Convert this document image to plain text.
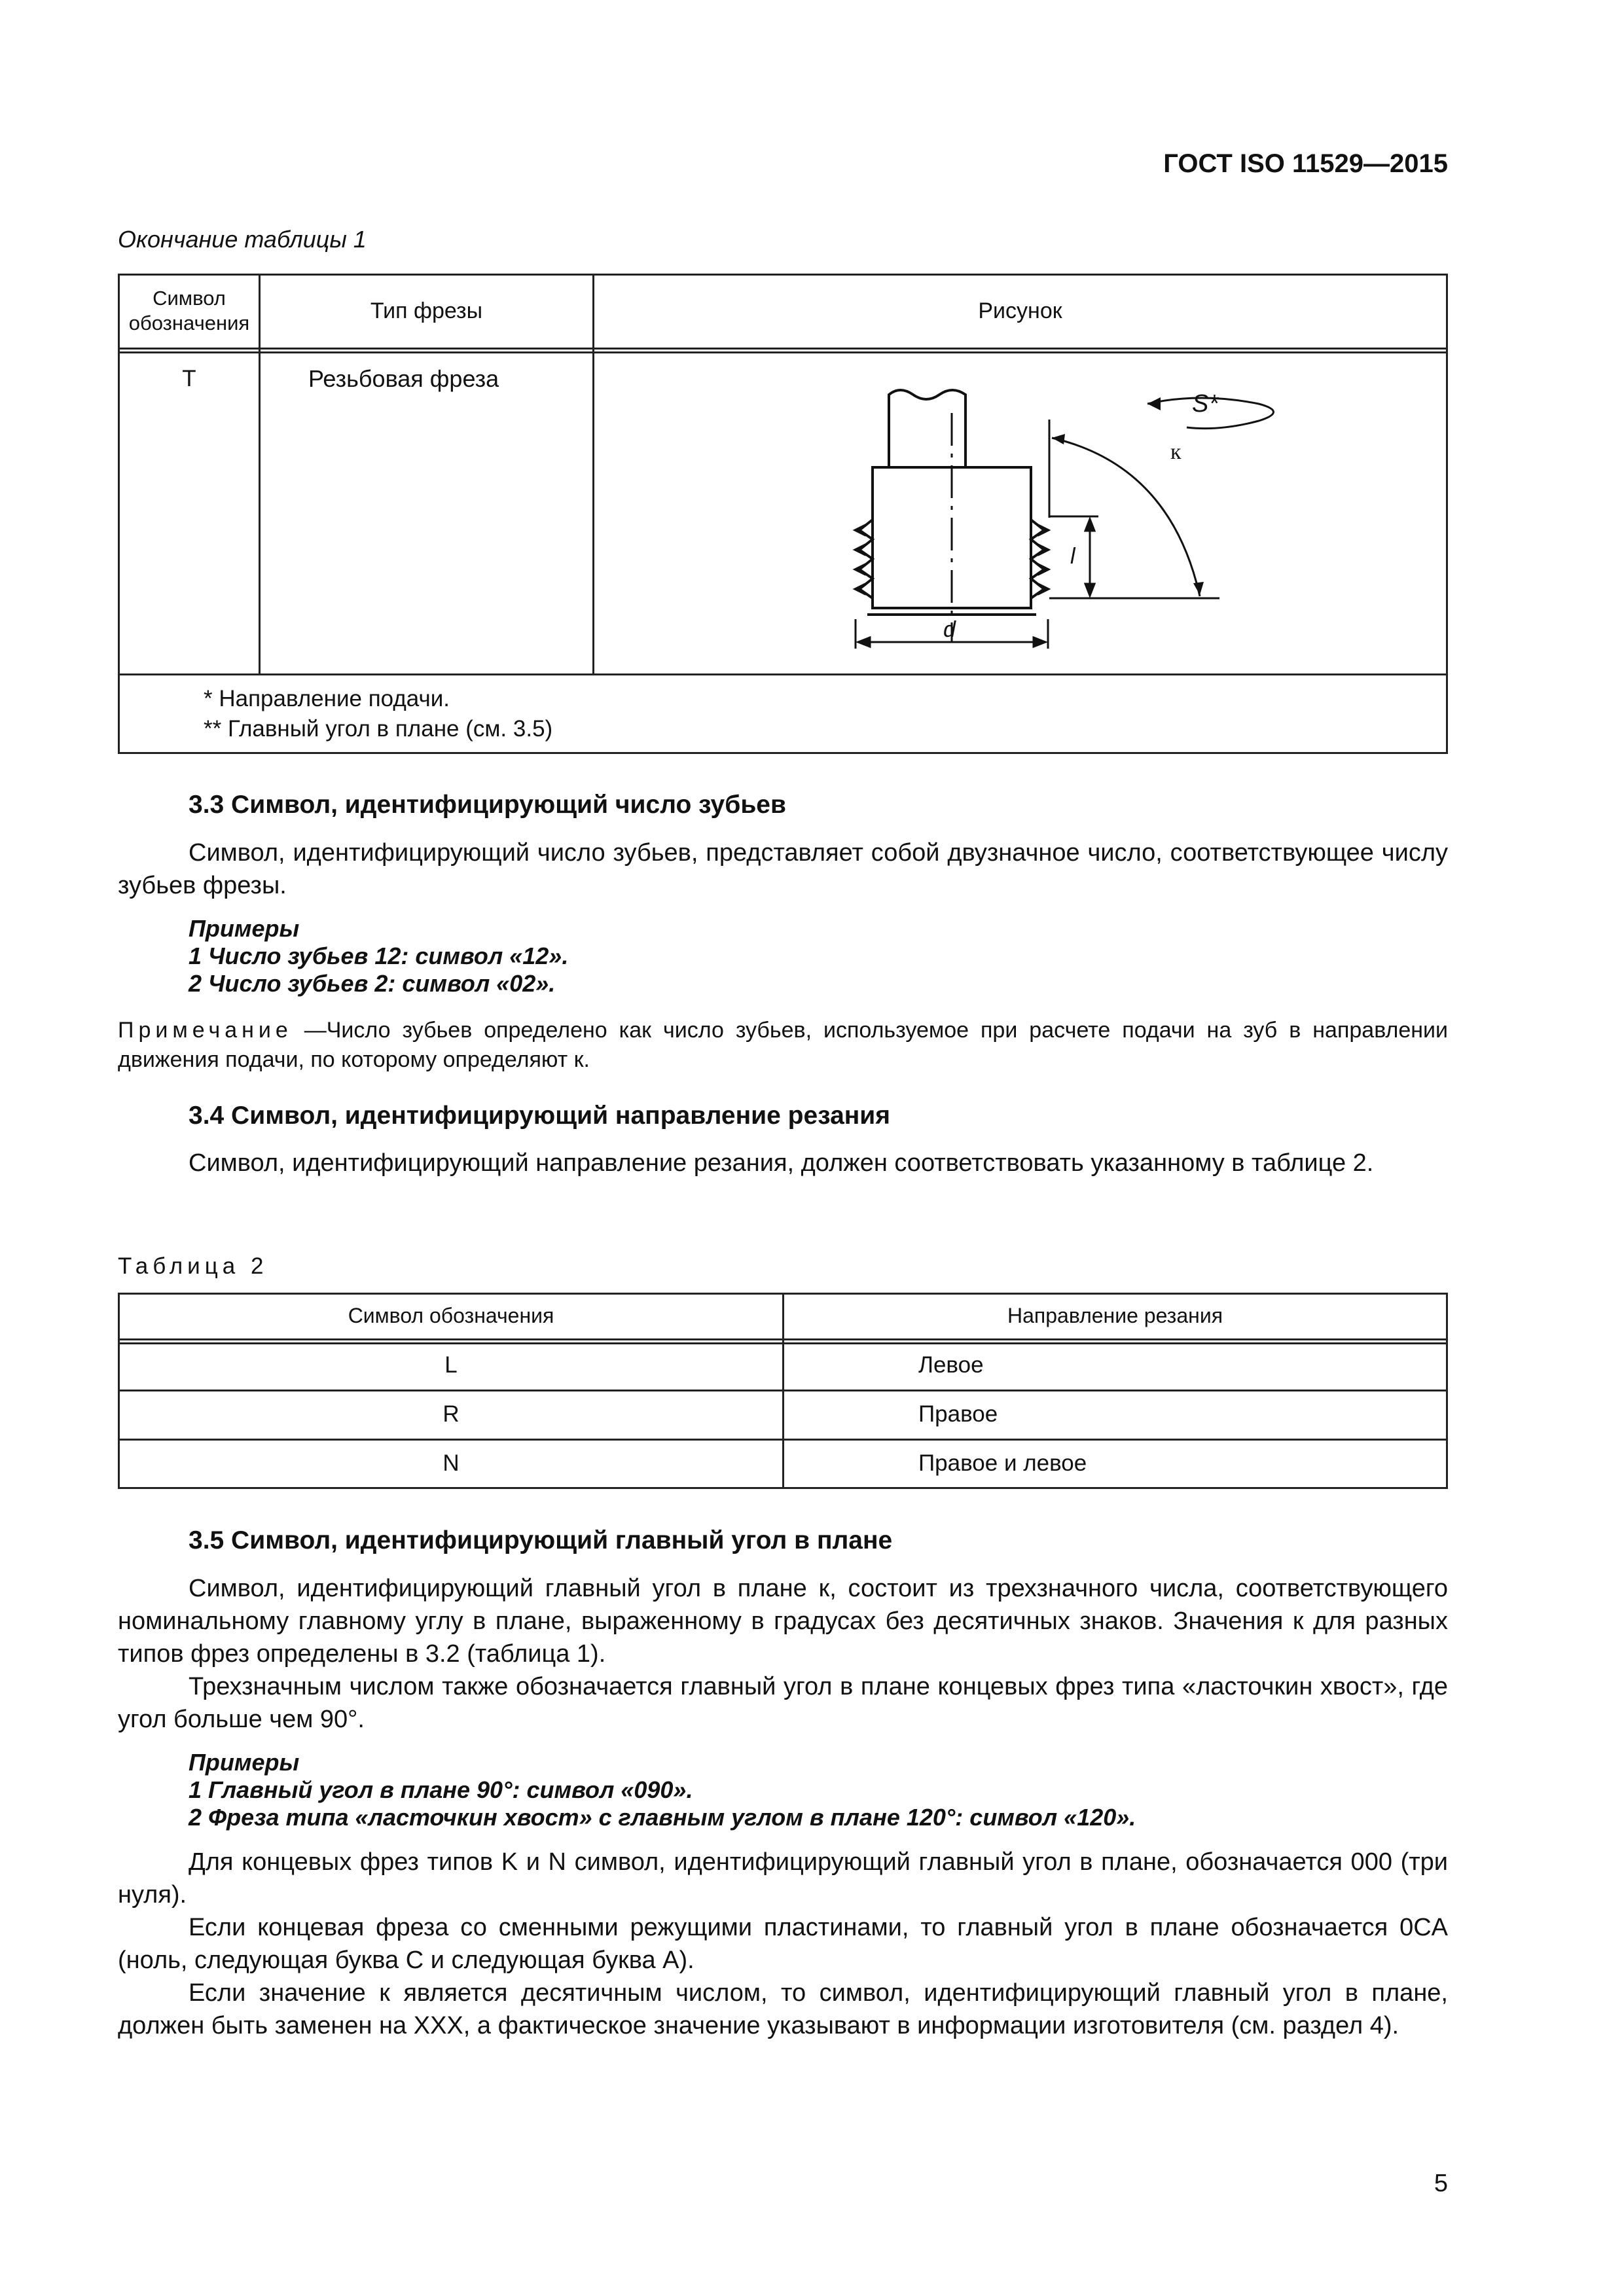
ГОСТ ISO 11529—2015
Окончание таблицы 1
Символ
обозначения	Тип фрезы	Рисунок
T	Резьбовая фреза
S*
к
l
d
* Направление подачи.
** Главный угол в плане (см. 3.5)
3.3 Символ, идентифицирующий число зубьев
Символ, идентифицирующий число зубьев, представляет собой двузначное число, соответствующее числу зубьев фрезы.
Примеры
1 Число зубьев 12: символ «12».
2 Число зубьев 2: символ «02».
Примечание —Число зубьев определено как число зубьев, используемое при расчете подачи на зуб в направлении движения подачи, по которому определяют к.
3.4 Символ, идентифицирующий направление резания
Символ, идентифицирующий направление резания, должен соответствовать указанному в таблице 2.
Таблица 2
Символ обозначения	Направление резания
L	Левое
R	Правое
N	Правое и левое
3.5 Символ, идентифицирующий главный угол в плане
Символ, идентифицирующий главный угол в плане к, состоит из трехзначного числа, соответствующего номинальному главному углу в плане, выраженному в градусах без десятичных знаков. Значения к для разных типов фрез определены в 3.2 (таблица 1).
Трехзначным числом также обозначается главный угол в плане концевых фрез типа «ласточкин хвост», где угол больше чем 90°.
Примеры
1 Главный угол в плане 90°: символ «090».
2 Фреза типа «ласточкин хвост» с главным углом в плане 120°: символ «120».
Для концевых фрез типов K и N символ, идентифицирующий главный угол в плане, обозначается 000 (три нуля).
Если концевая фреза со сменными режущими пластинами, то главный угол в плане обозначается 0CA (ноль, следующая буква С и следующая буква А).
Если значение к является десятичным числом, то символ, идентифицирующий главный угол в плане, должен быть заменен на XXX, а фактическое значение указывают в информации изготовителя (см. раздел 4).
5
